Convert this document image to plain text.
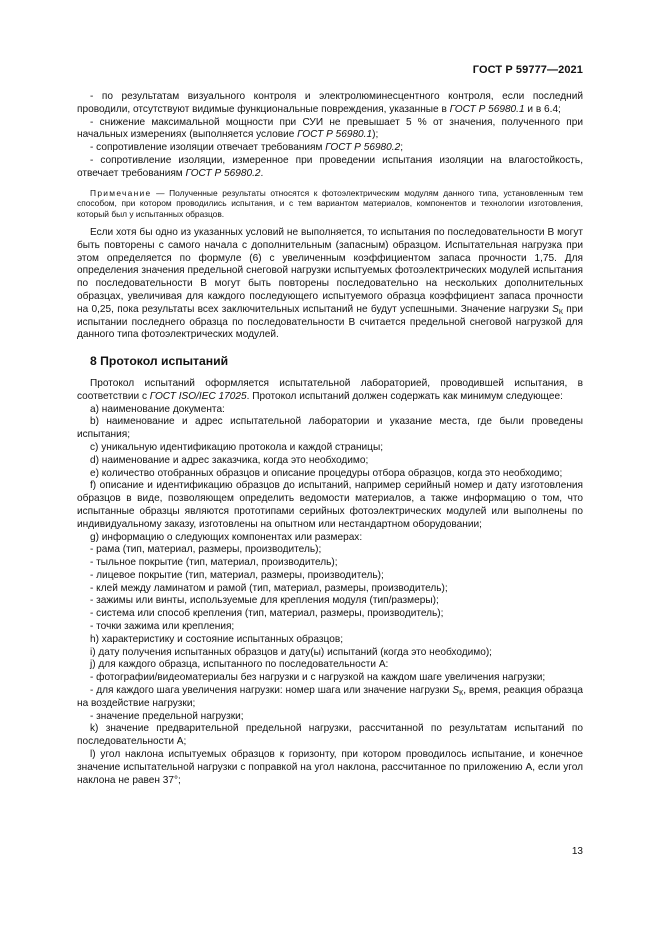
ГОСТ Р 59777—2021

- по результатам визуального контроля и электролюминесцентного контроля, если последний проводили, отсутствуют видимые функциональные повреждения, указанные в ГОСТ Р 56980.1 и в 6.4;

- снижение максимальной мощности при СУИ не превышает 5 % от значения, полученного при начальных измерениях (выполняется условие ГОСТ Р 56980.1);

- сопротивление изоляции отвечает требованиям ГОСТ Р 56980.2;

- сопротивление изоляции, измеренное при проведении испытания изоляции на влагостойкость, отвечает требованиям ГОСТ Р 56980.2.

Примечание — Полученные результаты относятся к фотоэлектрическим модулям данного типа, установленным тем способом, при котором проводились испытания, и с тем вариантом материалов, компонентов и технологии изготовления, который был у испытанных образцов.

Если хотя бы одно из указанных условий не выполняется, то испытания по последовательности В могут быть повторены с самого начала с дополнительным (запасным) образцом. Испытательная нагрузка при этом определяется по формуле (6) с увеличенным коэффициентом запаса прочности 1,75. Для определения значения предельной снеговой нагрузки испытуемых фотоэлектрических модулей испытания по последовательности В могут быть повторены последовательно на нескольких дополнительных образцах, увеличивая для каждого последующего испытуемого образца коэффициент запаса прочности на 0,25, пока результаты всех заключительных испытаний не будут успешными. Значение нагрузки $S_К$ при испытании последнего образца по последовательности В считается предельной снеговой нагрузкой для данного типа фотоэлектрических модулей.

8 Протокол испытаний

Протокол испытаний оформляется испытательной лабораторией, проводившей испытания, в соответствии с ГОСТ ISO/IEC 17025. Протокол испытаний должен содержать как минимум следующее:

a) наименование документа:

b) наименование и адрес испытательной лаборатории и указание места, где были проведены испытания;

c) уникальную идентификацию протокола и каждой страницы;

d) наименование и адрес заказчика, когда это необходимо;

e) количество отобранных образцов и описание процедуры отбора образцов, когда это необходимо;

f) описание и идентификацию образцов до испытаний, например серийный номер и дату изготовления образцов в виде, позволяющем определить ведомости материалов, а также информацию о том, что испытанные образцы являются прототипами серийных фотоэлектрических модулей или выполнены по индивидуальному заказу, изготовлены на опытном или нестандартном оборудовании;

g) информацию о следующих компонентах или размерах:

- рама (тип, материал, размеры, производитель);

- тыльное покрытие (тип, материал, производитель);

- лицевое покрытие (тип, материал, размеры, производитель);

- клей между ламинатом и рамой (тип, материал, размеры, производитель);

- зажимы или винты, используемые для крепления модуля (тип/размеры);

- система или способ крепления (тип, материал, размеры, производитель);

- точки зажима или крепления;

h) характеристику и состояние испытанных образцов;

i) дату получения испытанных образцов и дату(ы) испытаний (когда это необходимо);

j) для каждого образца, испытанного по последовательности А:

- фотографии/видеоматериалы без нагрузки и с нагрузкой на каждом шаге увеличения нагрузки;

- для каждого шага увеличения нагрузки: номер шага или значение нагрузки $S_К$, время, реакция образца на воздействие нагрузки;

- значение предельной нагрузки;

k) значение предварительной предельной нагрузки, рассчитанной по результатам испытаний по последовательности А;

l) угол наклона испытуемых образцов к горизонту, при котором проводилось испытание, и конечное значение испытательной нагрузки с поправкой на угол наклона, рассчитанное по приложению А, если угол наклона не равен 37°;

13
